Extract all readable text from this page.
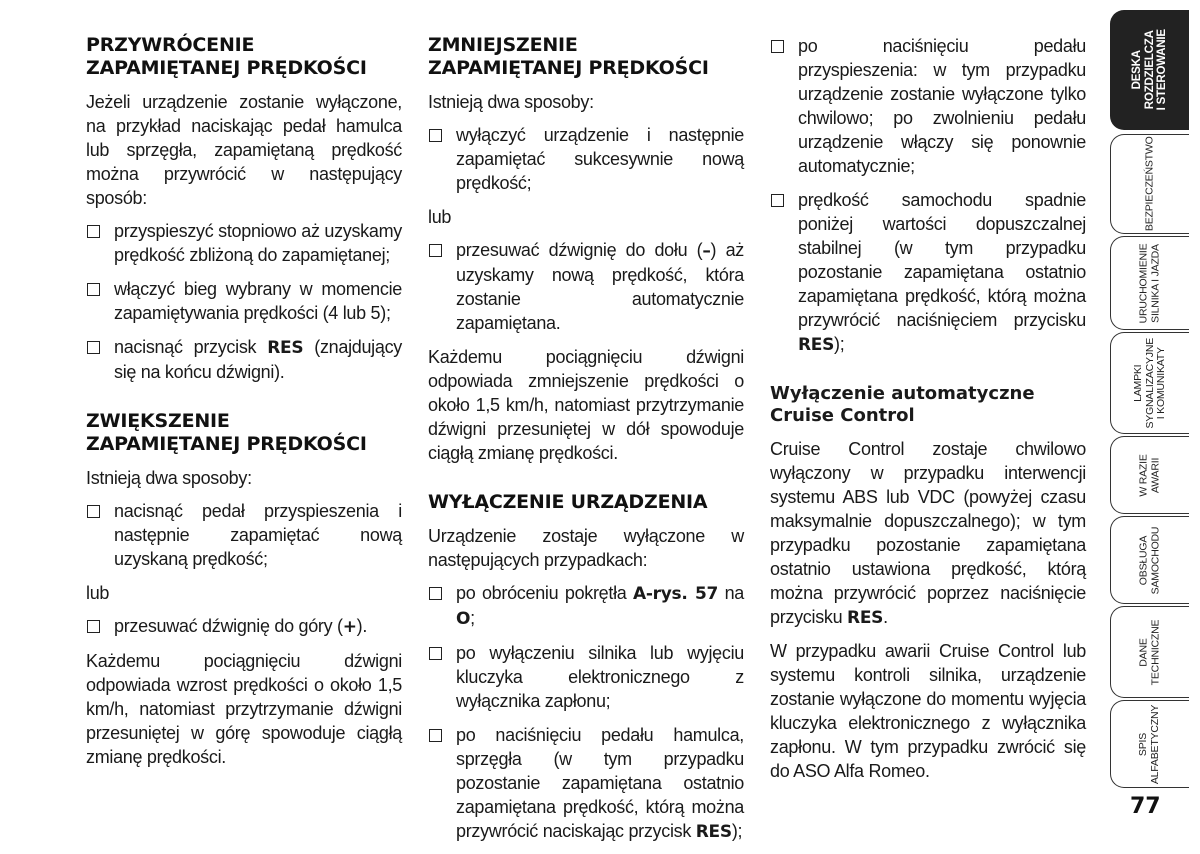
PRZYWRÓCENIE
ZAPAMIĘTANEJ PRĘDKOŚCI

Jeżeli urządzenie zostanie wyłączone, na przykład naciskając pedał hamulca lub sprzęgła, zapamiętaną prędkość można przywrócić w następujący sposób:

przyspieszyć stopniowo aż uzyskamy prędkość zbliżoną do zapamiętanej;
włączyć bieg wybrany w momencie zapamiętywania prędkości (4 lub 5);
nacisnąć przycisk RES (znajdujący się na końcu dźwigni).
ZWIĘKSZENIE
ZAPAMIĘTANEJ PRĘDKOŚCI

Istnieją dwa sposoby:

nacisnąć pedał przyspieszenia i następnie zapamiętać nową uzyskaną prędkość;

lub

przesuwać dźwignię do góry (+).

Każdemu pociągnięciu dźwigni odpowiada wzrost prędkości o około 1,5 km/h, natomiast przytrzymanie dźwigni przesuniętej w górę spowoduje ciągłą zmianę prędkości.

ZMNIEJSZENIE
ZAPAMIĘTANEJ PRĘDKOŚCI

Istnieją dwa sposoby:

wyłączyć urządzenie i następnie zapamiętać sukcesywnie nową prędkość;

lub

przesuwać dźwignię do dołu (–) aż uzyskamy nową prędkość, która zostanie automatycznie zapamiętana.

Każdemu pociągnięciu dźwigni odpowiada zmniejszenie prędkości o około 1,5 km/h, natomiast przytrzymanie dźwigni przesuniętej w dół spowoduje ciągłą zmianę prędkości.

WYŁĄCZENIE URZĄDZENIA

Urządzenie zostaje wyłączone w następujących przypadkach:

po obróceniu pokrętła A-rys. 57 na O;
po wyłączeniu silnika lub wyjęciu kluczyka elektronicznego z wyłącznika zapłonu;
po naciśnięciu pedału hamulca, sprzęgła (w tym przypadku pozostanie zapamiętana ostatnio zapamiętana prędkość, którą można przywrócić naciskając przycisk RES);
po naciśnięciu pedału przyspieszenia: w tym przypadku urządzenie zostanie wyłączone tylko chwilowo; po zwolnieniu pedału urządzenie włączy się ponownie automatycznie;
prędkość samochodu spadnie poniżej wartości dopuszczalnej stabilnej (w tym przypadku pozostanie zapamiętana ostatnio zapamiętana prędkość, którą można przywrócić naciśnięciem przycisku RES);
Wyłączenie automatyczne
Cruise Control

Cruise Control zostaje chwilowo wyłączony w przypadku interwencji systemu ABS lub VDC (powyżej czasu maksymalnie dopuszczalnego); w tym przypadku pozostanie zapamiętana ostatnio ustawiona prędkość, którą można przywrócić poprzez naciśnięcie przycisku RES.

W przypadku awarii Cruise Control lub systemu kontroli silnika, urządzenie zostanie wyłączone do momentu wyjęcia kluczyka elektronicznego z wyłącznika zapłonu. W tym przypadku zwrócić się do ASO Alfa Romeo.

DESKA
ROZDZIELCZA
I STEROWANIE
BEZPIECZEŃSTWO
URUCHOMIENIE
SILNIKA I JAZDA
LAMPKI
SYGNALIZACYJNE
I KOMUNIKATY
W RAZIE
AWARII
OBSŁUGA
SAMOCHODU
DANE
TECHNICZNE
SPIS
ALFABETYCZNY
77
